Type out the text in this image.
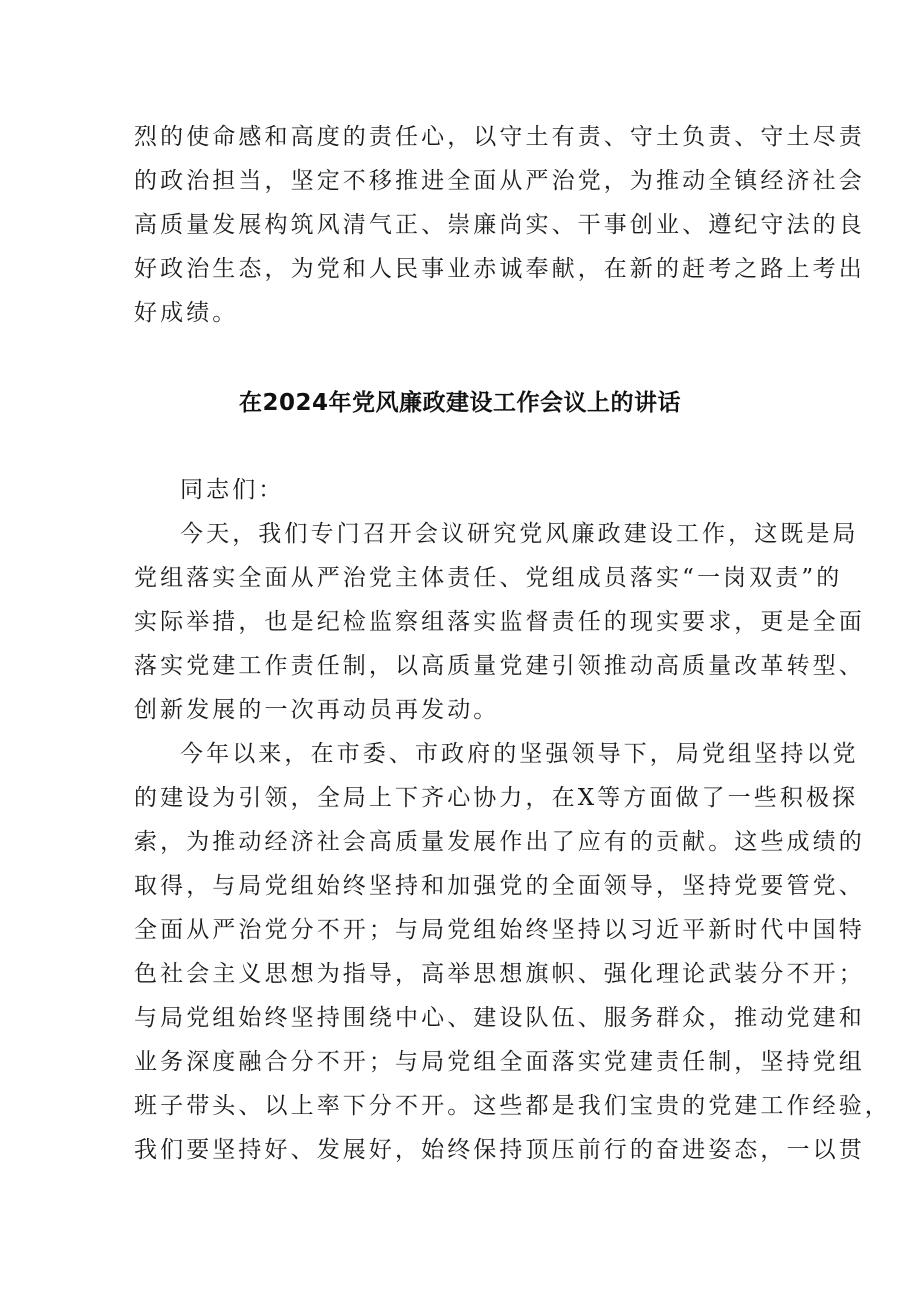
烈的使命感和高度的责任心，以守土有责、守土负责、守土尽责
的政治担当，坚定不移推进全面从严治党，为推动全镇经济社会
高质量发展构筑风清气正、崇廉尚实、干事创业、遵纪守法的良
好政治生态，为党和人民事业赤诚奉献，在新的赶考之路上考出
好成绩。
在2024年党风廉政建设工作会议上的讲话
同志们：
今天，我们专门召开会议研究党风廉政建设工作，这既是局
党组落实全面从严治党主体责任、党组成员落实“一岗双责”的
实际举措，也是纪检监察组落实监督责任的现实要求，更是全面
落实党建工作责任制，以高质量党建引领推动高质量改革转型、
创新发展的一次再动员再发动。
今年以来，在市委、市政府的坚强领导下，局党组坚持以党
的建设为引领，全局上下齐心协力，在X等方面做了一些积极探
索，为推动经济社会高质量发展作出了应有的贡献。这些成绩的
取得，与局党组始终坚持和加强党的全面领导，坚持党要管党、
全面从严治党分不开；与局党组始终坚持以习近平新时代中国特
色社会主义思想为指导，高举思想旗帜、强化理论武装分不开；
与局党组始终坚持围绕中心、建设队伍、服务群众，推动党建和
业务深度融合分不开；与局党组全面落实党建责任制，坚持党组
班子带头、以上率下分不开。这些都是我们宝贵的党建工作经验，
我们要坚持好、发展好，始终保持顶压前行的奋进姿态，一以贯
